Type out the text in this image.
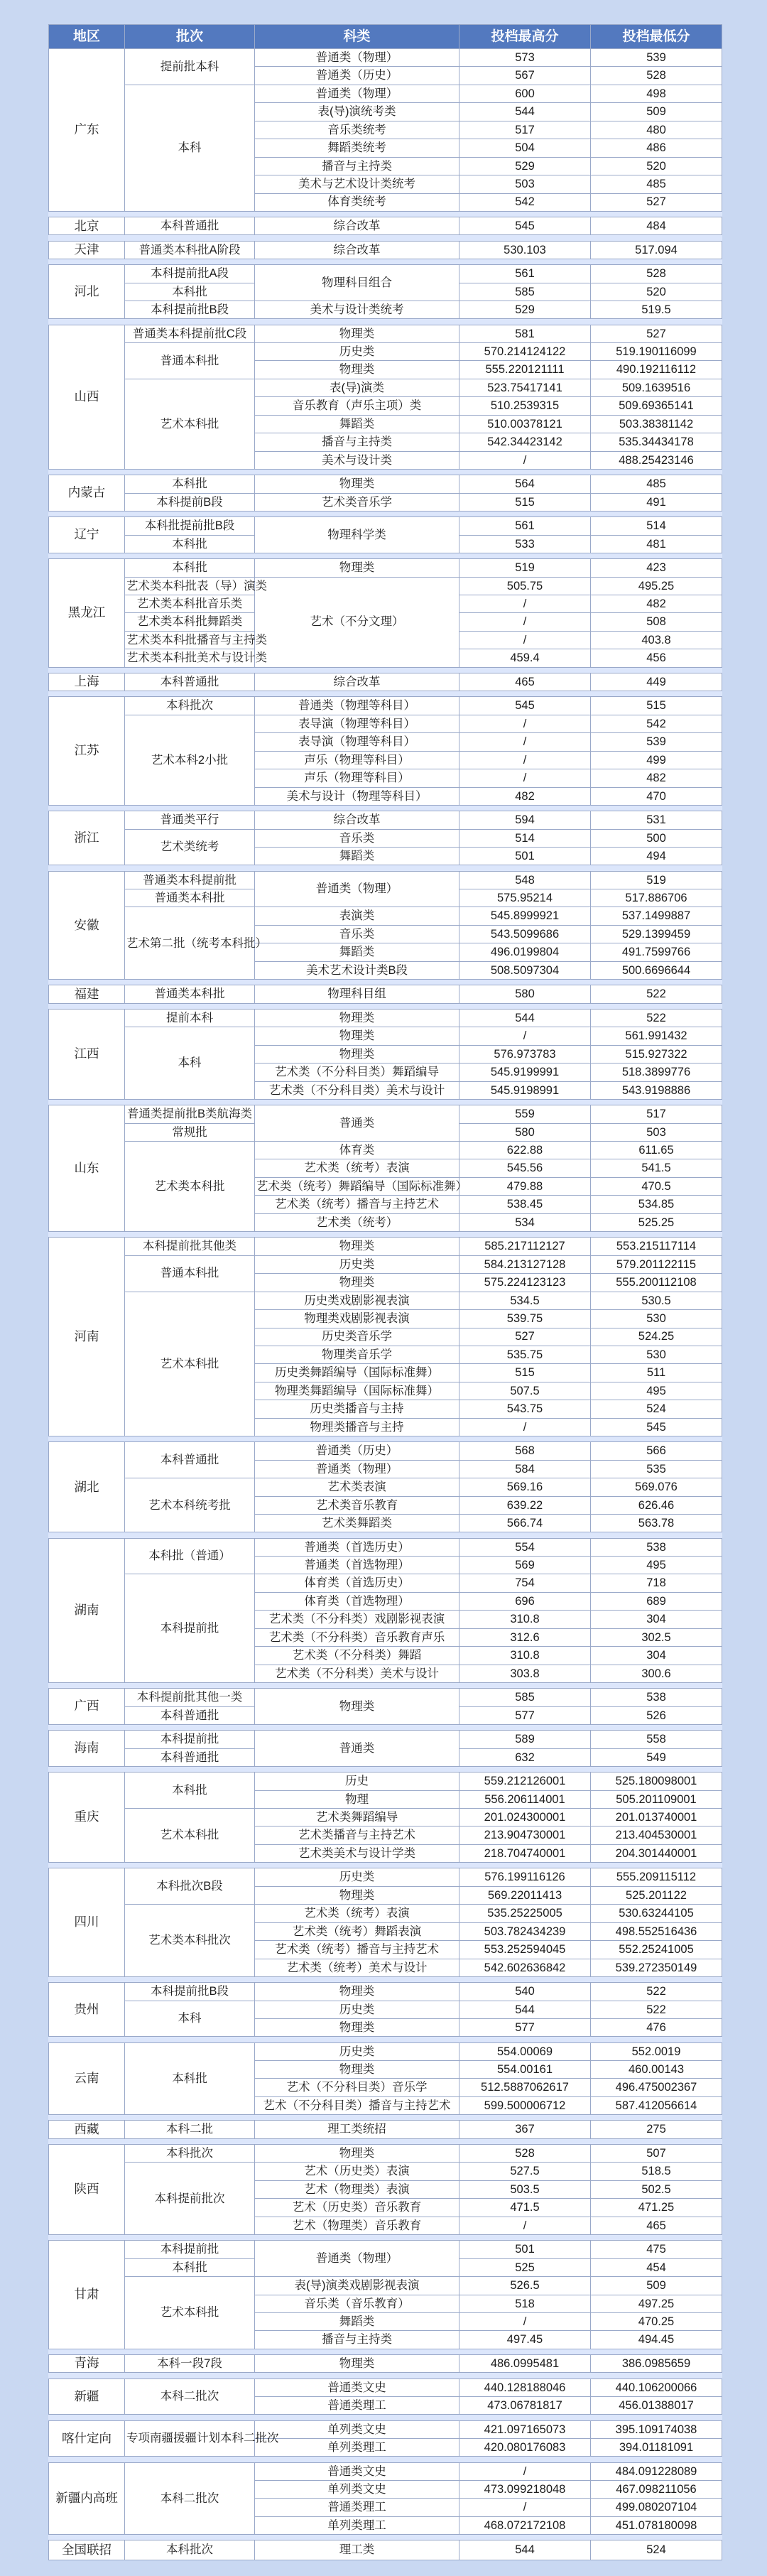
地区	批次	科类	投档最高分	投档最低分
广东	提前批本科	普通类（物理）	573	539
		普通类（历史）	567	528
	本科	普通类（物理）	600	498
		表(导)演统考类	544	509
		音乐类统考	517	480
		舞蹈类统考	504	486
		播音与主持类	529	520
		美术与艺术设计类统考	503	485
		体育类统考	542	527

北京	本科普通批	综合改革	545	484

天津	普通类本科批A阶段	综合改革	530.103	517.094

河北	本科提前批A段	物理科目组合	561	528
	本科批		585	520
	本科提前批B段	美术与设计类统考	529	519.5

山西	普通类本科提前批C段	物理类	581	527
	普通本科批	历史类	570.214124122	519.190116099
		物理类	555.220121111	490.192116112
	艺术本科批	表(导)演类	523.75417141	509.1639516
		音乐教育（声乐主项）类	510.2539315	509.69365141
		舞蹈类	510.00378121	503.38381142
		播音与主持类	542.34423142	535.34434178
		美术与设计类	/	488.25423146

内蒙古	本科批	物理类	564	485
	本科提前B段	艺术类音乐学	515	491

辽宁	本科批提前批B段	物理科学类	561	514
	本科批		533	481

黑龙江	本科批	物理类	519	423
	艺术类本科批表（导）演类	艺术（不分文理）	505.75	495.25
	艺术类本科批音乐类		/	482
	艺术类本科批舞蹈类		/	508
	艺术类本科批播音与主持类		/	403.8
	艺术类本科批美术与设计类		459.4	456

上海	本科普通批	综合改革	465	449

江苏	本科批次	普通类（物理等科目）	545	515
	艺术本科2小批	表导演（物理等科目）	/	542
		表导演（物理等科目）	/	539
		声乐（物理等科目）	/	499
		声乐（物理等科目）	/	482
		美术与设计（物理等科目）	482	470

浙江	普通类平行	综合改革	594	531
	艺术类统考	音乐类	514	500
		舞蹈类	501	494

安徽	普通类本科提前批	普通类（物理）	548	519
	普通类本科批		575.95214	517.886706
	艺术第二批（统考本科批）	表演类	545.8999921	537.1499887
		音乐类	543.5099686	529.1399459
		舞蹈类	496.0199804	491.7599766
		美术艺术设计类B段	508.5097304	500.6696644

福建	普通类本科批	物理科目组	580	522

江西	提前本科	物理类	544	522
	本科	物理类	/	561.991432
		物理类	576.973783	515.927322
		艺术类（不分科目类）舞蹈编导	545.9199991	518.3899776
		艺术类（不分科目类）美术与设计	545.9198991	543.9198886

山东	普通类提前批B类航海类	普通类	559	517
	常规批		580	503
	艺术类本科批	体育类	622.88	611.65
		艺术类（统考）表演	545.56	541.5
		艺术类（统考）舞蹈编导（国际标准舞）	479.88	470.5
		艺术类（统考）播音与主持艺术	538.45	534.85
		艺术类（统考）	534	525.25

河南	本科提前批其他类	物理类	585.217112127	553.215117114
	普通本科批	历史类	584.213127128	579.201122115
		物理类	575.224123123	555.200112108
	艺术本科批	历史类戏剧影视表演	534.5	530.5
		物理类戏剧影视表演	539.75	530
		历史类音乐学	527	524.25
		物理类音乐学	535.75	530
		历史类舞蹈编导（国际标准舞）	515	511
		物理类舞蹈编导（国际标准舞）	507.5	495
		历史类播音与主持	543.75	524
		物理类播音与主持	/	545

湖北	本科普通批	普通类（历史）	568	566
		普通类（物理）	584	535
	艺术本科统考批	艺术类表演	569.16	569.076
		艺术类音乐教育	639.22	626.46
		艺术类舞蹈类	566.74	563.78

湖南	本科批（普通）	普通类（首选历史）	554	538
		普通类（首选物理）	569	495
	本科提前批	体育类（首选历史）	754	718
		体育类（首选物理）	696	689
		艺术类（不分科类）戏剧影视表演	310.8	304
		艺术类（不分科类）音乐教育声乐	312.6	302.5
		艺术类（不分科类）舞蹈	310.8	304
		艺术类（不分科类）美术与设计	303.8	300.6

广西	本科提前批其他一类	物理类	585	538
	本科普通批		577	526

海南	本科提前批	普通类	589	558
	本科普通批		632	549

重庆	本科批	历史	559.212126001	525.180098001
		物理	556.206114001	505.201109001
	艺术本科批	艺术类舞蹈编导	201.024300001	201.013740001
		艺术类播音与主持艺术	213.904730001	213.404530001
		艺术类美术与设计学类	218.704740001	204.301440001

四川	本科批次B段	历史类	576.199116126	555.209115112
		物理类	569.22011413	525.201122
	艺术类本科批次	艺术类（统考）表演	535.25225005	530.63244105
		艺术类（统考）舞蹈表演	503.782434239	498.552516436
		艺术类（统考）播音与主持艺术	553.252594045	552.25241005
		艺术类（统考）美术与设计	542.602636842	539.272350149

贵州	本科提前批B段	物理类	540	522
	本科	历史类	544	522
		物理类	577	476

云南	本科批	历史类	554.00069	552.0019
		物理类	554.00161	460.00143
		艺术（不分科目类）音乐学	512.5887062617	496.475002367
		艺术（不分科目类）播音与主持艺术	599.500006712	587.412056614

西藏	本科二批	理工类统招	367	275

陕西	本科批次	物理类	528	507
	本科提前批次	艺术（历史类）表演	527.5	518.5
		艺术（物理类）表演	503.5	502.5
		艺术（历史类）音乐教育	471.5	471.25
		艺术（物理类）音乐教育	/	465

甘肃	本科提前批	普通类（物理）	501	475
	本科批		525	454
	艺术本科批	表(导)演类戏剧影视表演	526.5	509
		音乐类（音乐教育）	518	497.25
		舞蹈类	/	470.25
		播音与主持类	497.45	494.45

青海	本科一段7段	物理类	486.0995481	386.0985659

新疆	本科二批次	普通类文史	440.128188046	440.106200066
		普通类理工	473.06781817	456.01388017

喀什定向	专项南疆援疆计划本科二批次	单列类文史	421.097165073	395.109174038
		单列类理工	420.080176083	394.01181091

新疆内高班	本科二批次	普通类文史	/	484.091228089
		单列类文史	473.099218048	467.098211056
		普通类理工	/	499.080207104
		单列类理工	468.072172108	451.078180098

全国联招	本科批次	理工类	544	524
